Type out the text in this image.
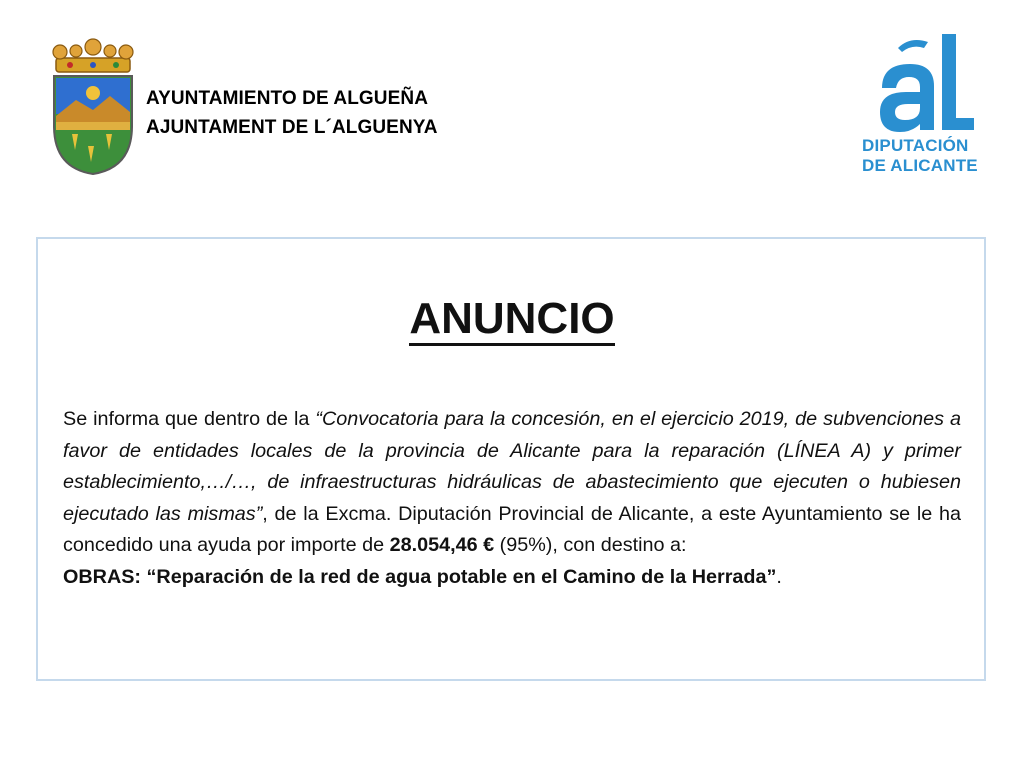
AYUNTAMIENTO DE ALGUEÑA
AJUNTAMENT DE L´ALGUENYA
DIPUTACIÓN
DE ALICANTE
ANUNCIO

Se informa que dentro de la “Convocatoria para la concesión, en el ejercicio 2019, de subvenciones a favor de entidades locales de la provincia de Alicante para la reparación (LÍNEA A) y primer establecimiento,…/…, de infraestructuras hidráulicas de abastecimiento que ejecuten o hubiesen ejecutado las mismas”, de la Excma. Diputación Provincial de Alicante, a este Ayuntamiento se le ha concedido una ayuda por importe de 28.054,46 € (95%), con destino a:

OBRAS: “Reparación de la red de agua potable en el Camino de la Herrada”.
